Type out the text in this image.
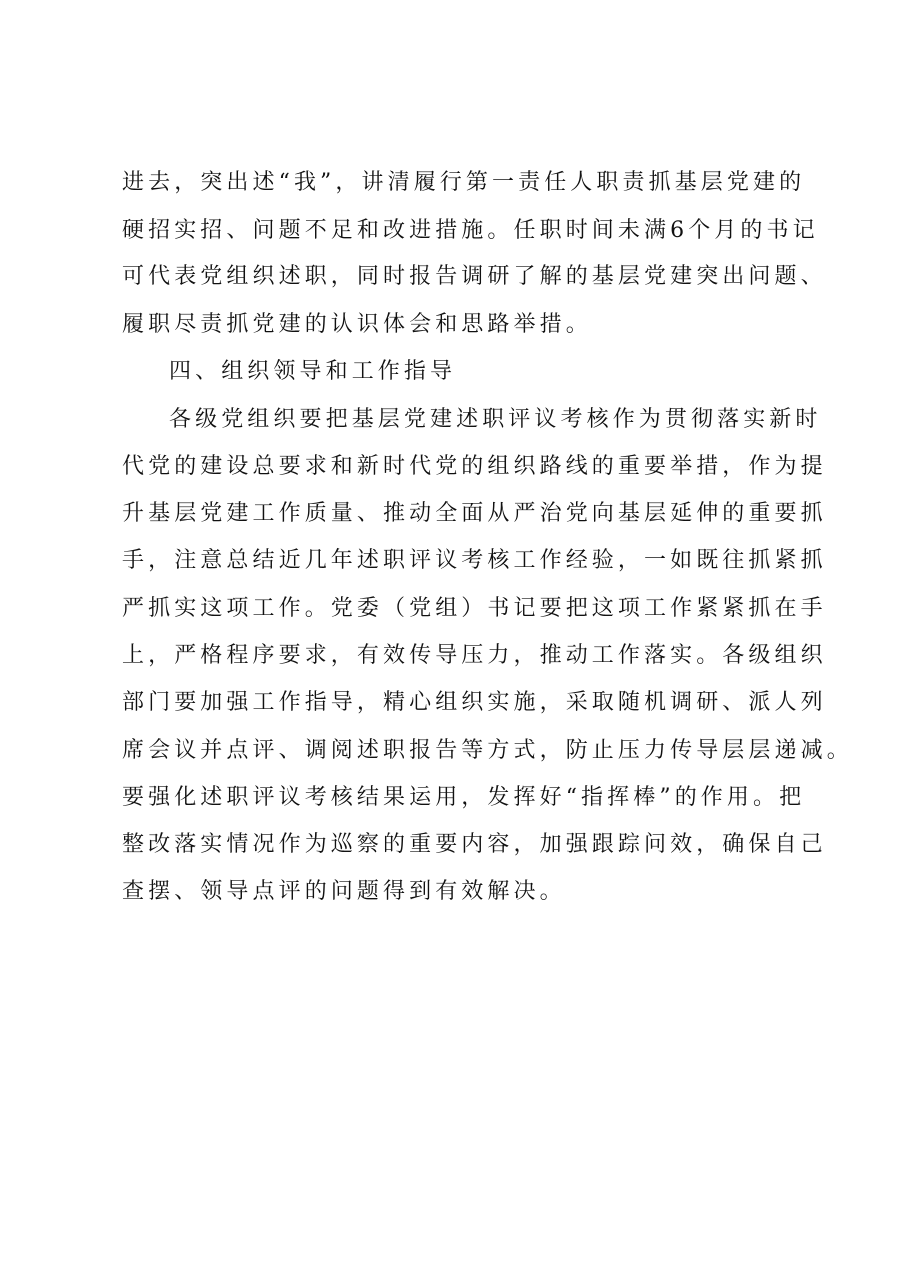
进去，突出述“我”，讲清履行第一责任人职责抓基层党建的
硬招实招、问题不足和改进措施。任职时间未满6个月的书记
可代表党组织述职，同时报告调研了解的基层党建突出问题、
履职尽责抓党建的认识体会和思路举措。
四、组织领导和工作指导
各级党组织要把基层党建述职评议考核作为贯彻落实新时
代党的建设总要求和新时代党的组织路线的重要举措，作为提
升基层党建工作质量、推动全面从严治党向基层延伸的重要抓
手，注意总结近几年述职评议考核工作经验，一如既往抓紧抓
严抓实这项工作。党委（党组）书记要把这项工作紧紧抓在手
上，严格程序要求，有效传导压力，推动工作落实。各级组织
部门要加强工作指导，精心组织实施，采取随机调研、派人列
席会议并点评、调阅述职报告等方式，防止压力传导层层递减。
要强化述职评议考核结果运用，发挥好“指挥棒”的作用。把
整改落实情况作为巡察的重要内容，加强跟踪问效，确保自己
查摆、领导点评的问题得到有效解决。
